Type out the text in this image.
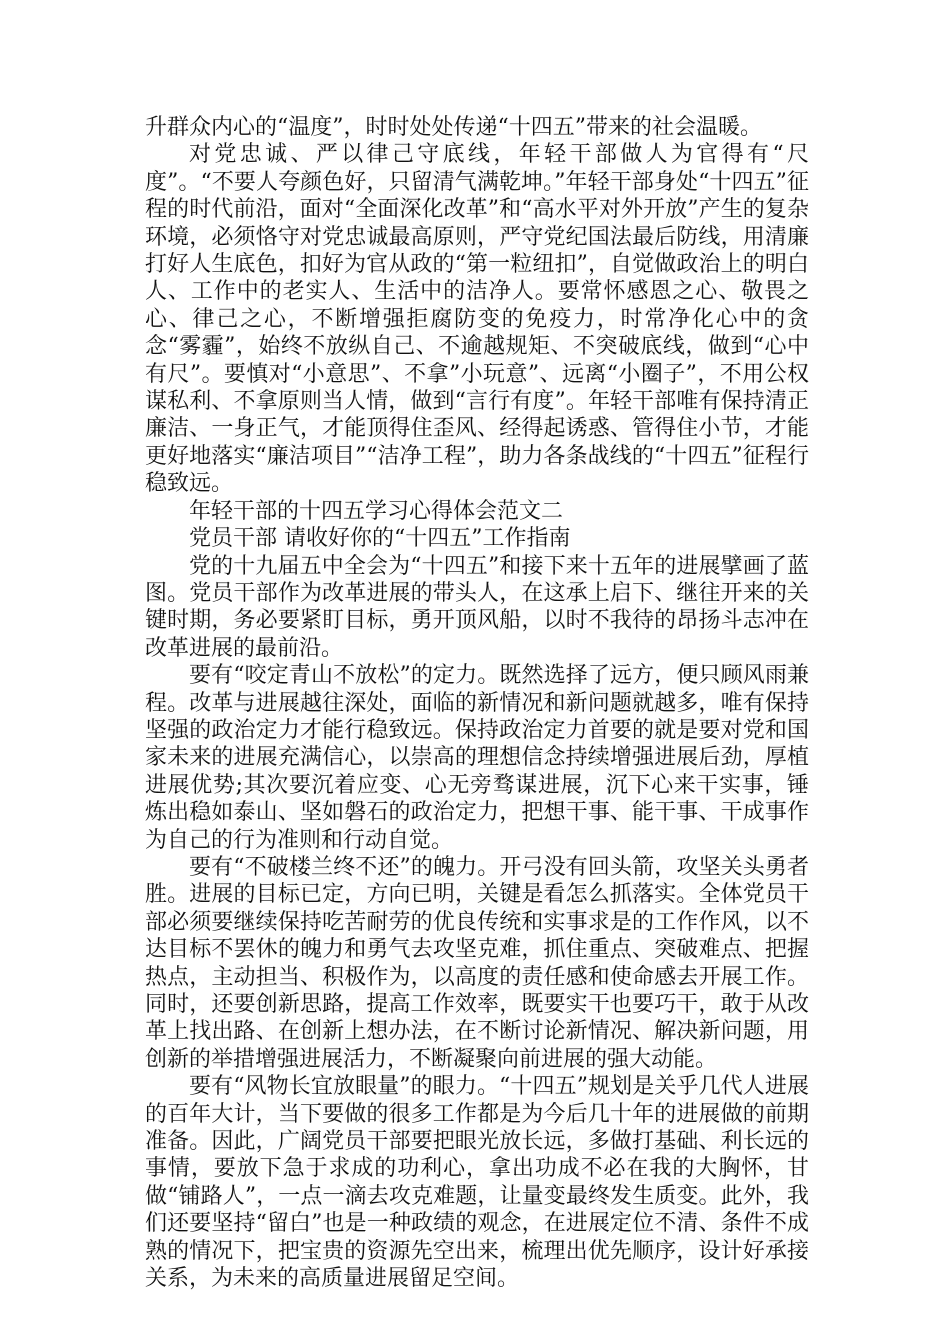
升群众内心的“温度”，时时处处传递“十四五”带来的社会温暖。

对党忠诚、严以律己守底线，年轻干部做人为官得有“尺度”。“不要人夸颜色好，只留清气满乾坤。”年轻干部身处“十四五”征程的时代前沿，面对“全面深化改革”和“高水平对外开放”产生的复杂环境，必须恪守对党忠诚最高原则，严守党纪国法最后防线，用清廉打好人生底色，扣好为官从政的“第一粒纽扣”，自觉做政治上的明白人、工作中的老实人、生活中的洁净人。要常怀感恩之心、敬畏之心、律己之心，不断增强拒腐防变的免疫力，时常净化心中的贪念“雾霾”，始终不放纵自己、不逾越规矩、不突破底线，做到“心中有尺”。要慎对“小意思”、不拿”小玩意”、远离“小圈子”，不用公权谋私利、不拿原则当人情，做到“言行有度”。年轻干部唯有保持清正廉洁、一身正气，才能顶得住歪风、经得起诱惑、管得住小节，才能更好地落实“廉洁项目”“洁净工程”，助力各条战线的“十四五”征程行稳致远。

年轻干部的十四五学习心得体会范文二

党员干部 请收好你的“十四五”工作指南

党的十九届五中全会为“十四五”和接下来十五年的进展擘画了蓝图。党员干部作为改革进展的带头人，在这承上启下、继往开来的关键时期，务必要紧盯目标，勇开顶风船，以时不我待的昂扬斗志冲在改革进展的最前沿。

要有“咬定青山不放松”的定力。既然选择了远方，便只顾风雨兼程。改革与进展越往深处，面临的新情况和新问题就越多，唯有保持坚强的政治定力才能行稳致远。保持政治定力首要的就是要对党和国家未来的进展充满信心，以崇高的理想信念持续增强进展后劲，厚植进展优势;其次要沉着应变、心无旁骛谋进展，沉下心来干实事，锤炼出稳如泰山、坚如磐石的政治定力，把想干事、能干事、干成事作为自己的行为准则和行动自觉。

要有“不破楼兰终不还”的魄力。开弓没有回头箭，攻坚关头勇者胜。进展的目标已定，方向已明，关键是看怎么抓落实。全体党员干部必须要继续保持吃苦耐劳的优良传统和实事求是的工作作风，以不达目标不罢休的魄力和勇气去攻坚克难，抓住重点、突破难点、把握热点，主动担当、积极作为，以高度的责任感和使命感去开展工作。同时，还要创新思路，提高工作效率，既要实干也要巧干，敢于从改革上找出路、在创新上想办法，在不断讨论新情况、解决新问题，用创新的举措增强进展活力，不断凝聚向前进展的强大动能。

要有“风物长宜放眼量”的眼力。“十四五”规划是关乎几代人进展的百年大计，当下要做的很多工作都是为今后几十年的进展做的前期准备。因此，广阔党员干部要把眼光放长远，多做打基础、利长远的事情，要放下急于求成的功利心，拿出功成不必在我的大胸怀，甘做“铺路人”，一点一滴去攻克难题，让量变最终发生质变。此外，我们还要坚持“留白”也是一种政绩的观念，在进展定位不清、条件不成熟的情况下，把宝贵的资源先空出来，梳理出优先顺序，设计好承接关系，为未来的高质量进展留足空间。
